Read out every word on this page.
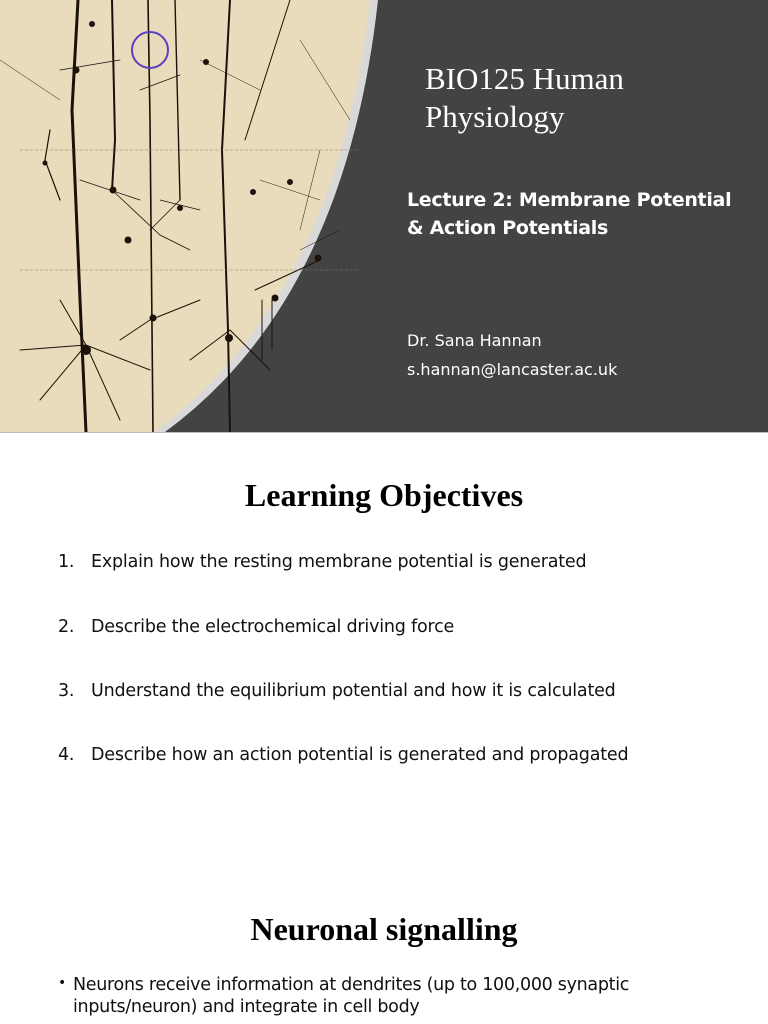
BIO125 Human
Physiology
Lecture 2: Membrane Potential
& Action Potentials
Dr. Sana Hannan
s.hannan@lancaster.ac.uk
Learning Objectives
1. Explain how the resting membrane potential is generated
2. Describe the electrochemical driving force
3. Understand the equilibrium potential and how it is calculated
4. Describe how an action potential is generated and propagated
Neuronal signalling
• Neurons receive information at dendrites (up to 100,000 synaptic inputs/neuron) and integrate in cell body
